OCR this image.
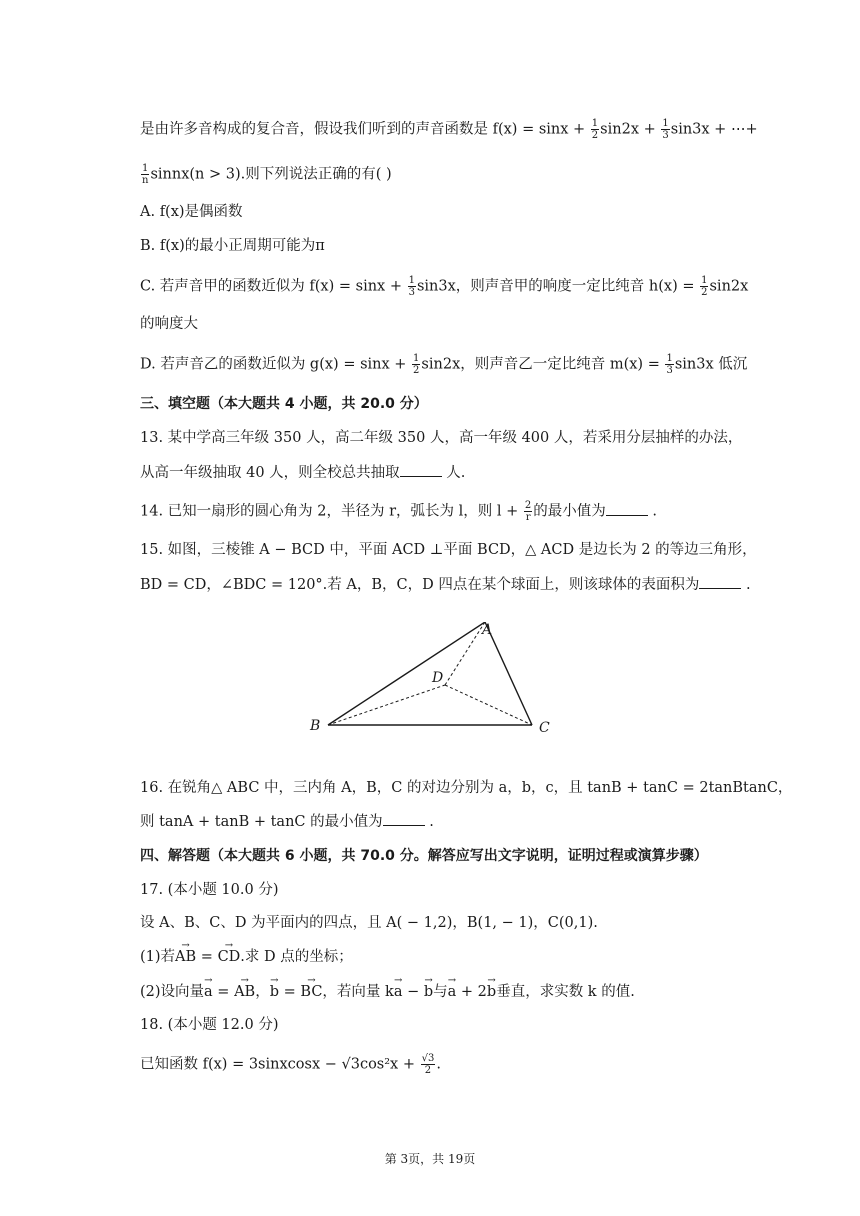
是由许多音构成的复合音，假设我们听到的声音函数是 $f(x) = \sin x + \frac{1}{2} \sin 2x + \frac{1}{3} \sin 3x$ + ⋯+
$\frac{1}{n}$ sinnx(n > 3).则下列说法正确的有( )
A. f(x)是偶函数
B. f(x)的最小正周期可能为π
C. 若声音甲的函数近似为 $f(x) = \sin x + \frac{1}{3} \sin 3x$，则声音甲的响度一定比纯音 $h(x) = \frac{1}{2} \sin 2x$
的响度大
D. 若声音乙的函数近似为 $g(x) = \sin x + \frac{1}{2} \sin 2x$，则声音乙一定比纯音 $m(x) = \frac{1}{3} \sin 3x$ 低沉
三、填空题（本大题共 4 小题，共 20.0 分）
13. 某中学高三年级 350 人，高二年级 350 人，高一年级 400 人，若采用分层抽样的办法，
从高一年级抽取 40 人，则全校总共抽取	人.
14. 已知一扇形的圆心角为 2，半径为 r，弧长为 l，则 $l + \frac{2}{r}$ 的最小值为	.
15. 如图，三棱锥 A − BCD 中，平面 ACD ⊥平面 BCD，△ ACD 是边长为 2 的等边三角形，
BD = CD，∠BDC = 120°.若 A，B，C，D 四点在某个球面上，则该球体的表面积为	.
A
B	C
D
16. 在锐角△ ABC 中，三内角 A，B，C 的对边分别为 a，b，c，且 tanB + tanC = 2tanBtanC，
则 tanA + tanB + tanC 的最小值为	.
四、解答题（本大题共 6 小题，共 70.0 分。解答应写出文字说明，证明过程或演算步骤）
17. (本小题 10.0 分)
设 A、B、C、D 为平面内的四点，且 A( − 1,2)，B(1, − 1)，C(0,1).
(1)若→ AB = → CD.求 D 点的坐标；
(2)设向量→ a = → AB，→ b = → BC，若向量 k→ a − → b与→ a + 2→ b垂直，求实数 k 的值.
18. (本小题 12.0 分)
已知函数 f(x) = 3sinxcosx − $√3\cos^2x + \frac{√3}{2}$ .
第 3页，共 19页
